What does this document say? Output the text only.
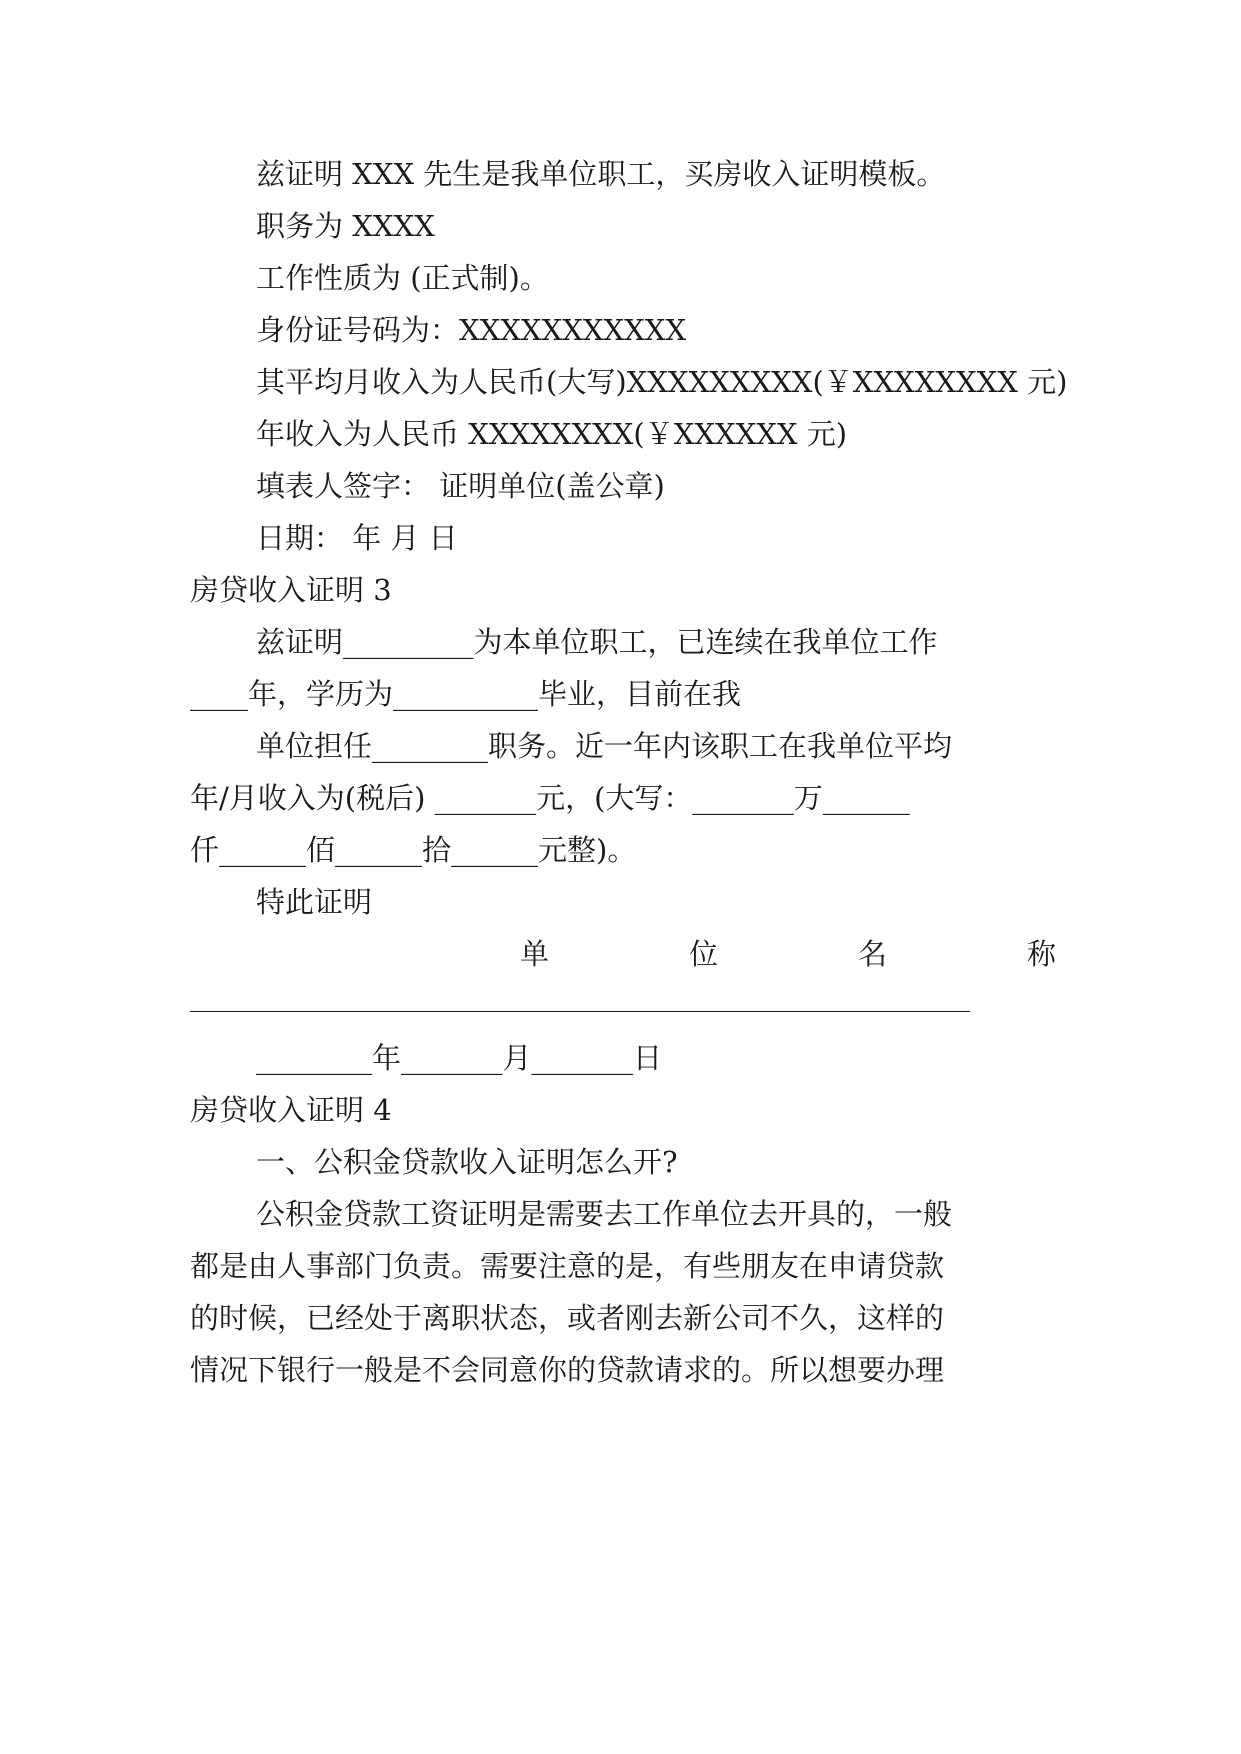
兹证明 XXX 先生是我单位职工，买房收入证明模板。
职务为 XXXX
工作性质为 (正式制)。
身份证号码为：XXXXXXXXXXX
其平均月收入为人民币(大写)XXXXXXXXX(￥XXXXXXXX 元)
年收入为人民币 XXXXXXXX(￥XXXXXX 元)
填表人签字： 证明单位(盖公章)
日期： 年 月 日
房贷收入证明 3
兹证明_________为本单位职工，已连续在我单位工作
____年，学历为__________毕业，目前在我
单位担任________职务。近一年内该职工在我单位平均
年/月收入为(税后) _______元，(大写：_______万______
仟______佰______拾______元整)。
特此证明
单	位	名	称
________年_______月_______日
房贷收入证明 4
一、公积金贷款收入证明怎么开?
公积金贷款工资证明是需要去工作单位去开具的，一般
都是由人事部门负责。需要注意的是，有些朋友在申请贷款
的时候，已经处于离职状态，或者刚去新公司不久，这样的
情况下银行一般是不会同意你的贷款请求的。所以想要办理
